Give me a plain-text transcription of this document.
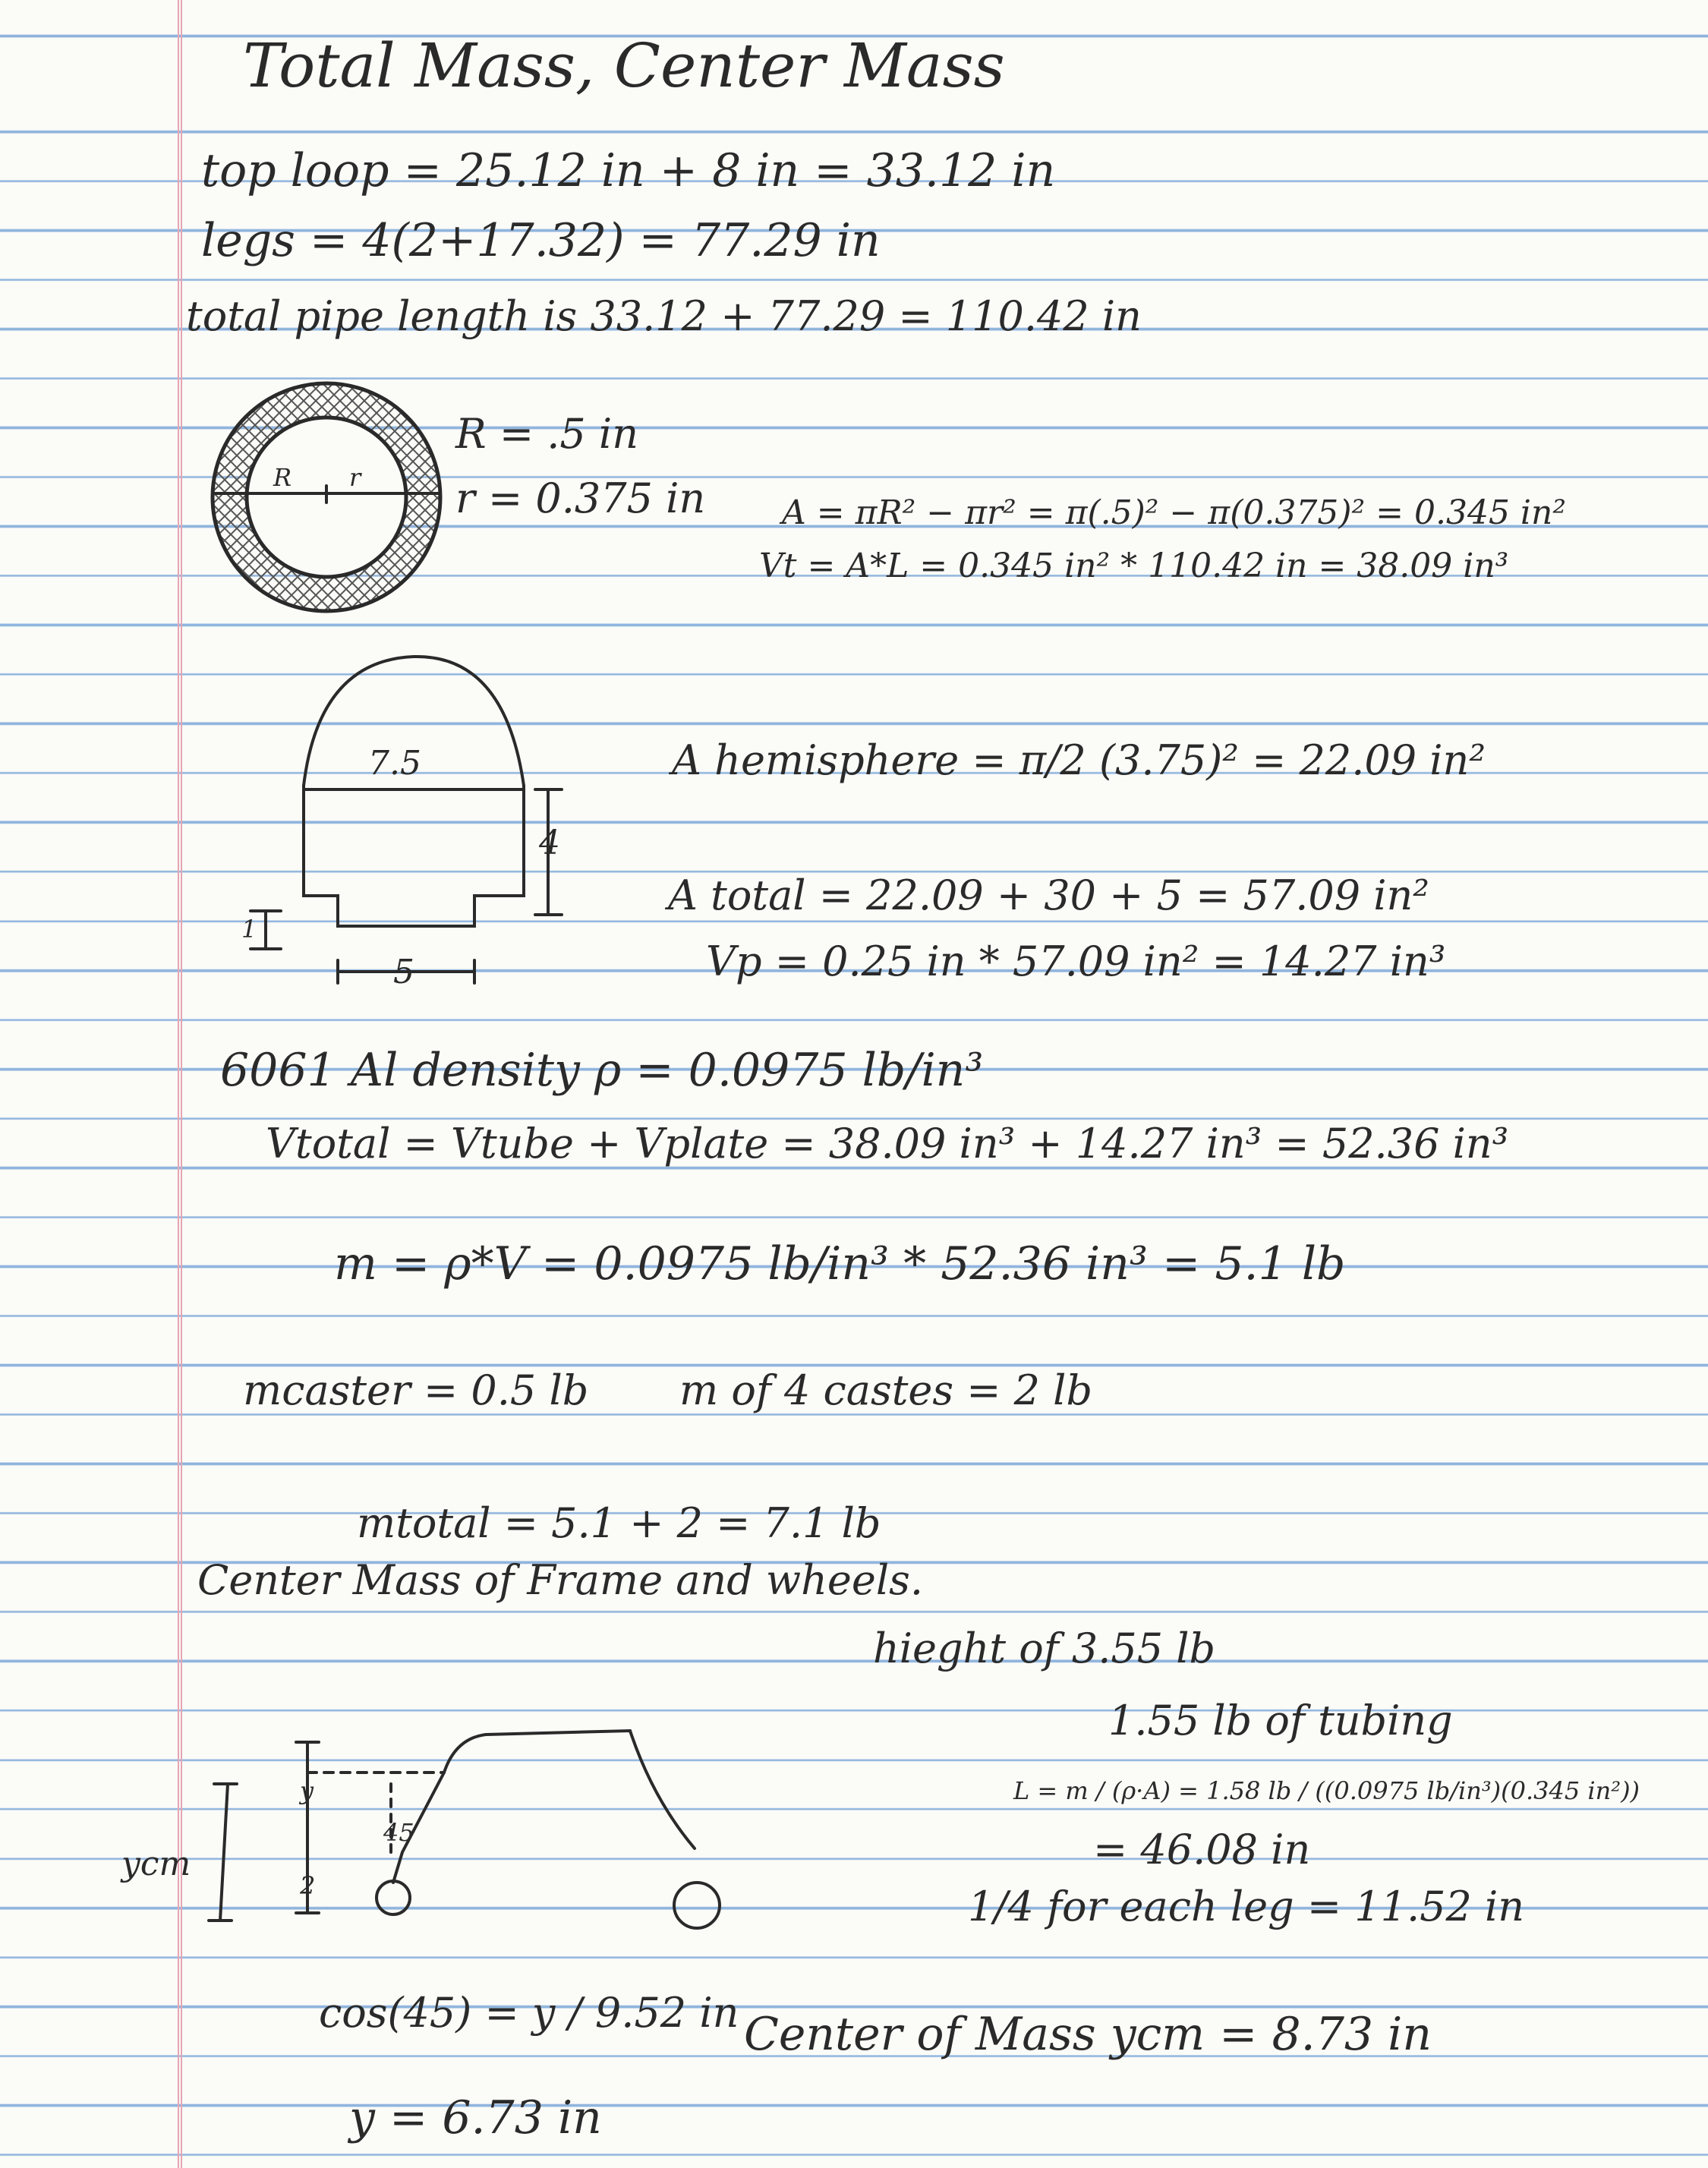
Total Mass, Center Mass
top loop = 25.12 in + 8 in = 33.12 in
legs = 4(2+17.32) = 77.29 in
total pipe length is 33.12 + 77.29 = 110.42 in
R r
R = .5 in
r = 0.375 in A = πR² − πr² = π(.5)² − π(0.375)² = 0.345 in²
Vt = A*L = 0.345 in² * 110.42 in = 38.09 in³
7.5
4
1
5
A hemisphere = π/2 (3.75)² = 22.09 in²
A total = 22.09 + 30 + 5 = 57.09 in²
Vp = 0.25 in * 57.09 in² = 14.27 in³
6061 Al density ρ = 0.0975 lb/in³
Vtotal = Vtube + Vplate = 38.09 in³ + 14.27 in³ = 52.36 in³
m = ρ*V = 0.0975 lb/in³ * 52.36 in³ = 5.1 lb
mcaster = 0.5 lb m of 4 castes = 2 lb
mtotal = 5.1 + 2 = 7.1 lb
Center Mass of Frame and wheels.
hieght of 3.55 lb
1.55 lb of tubing
L = m / (ρ·A) = 1.58 lb / ((0.0975 lb/in³)(0.345 in²))
= 46.08 in
1/4 for each leg = 11.52 in
ycm
y
2
45
cos(45) = y / 9.52 in
y = 6.73 in
Center of Mass ycm = 8.73 in
